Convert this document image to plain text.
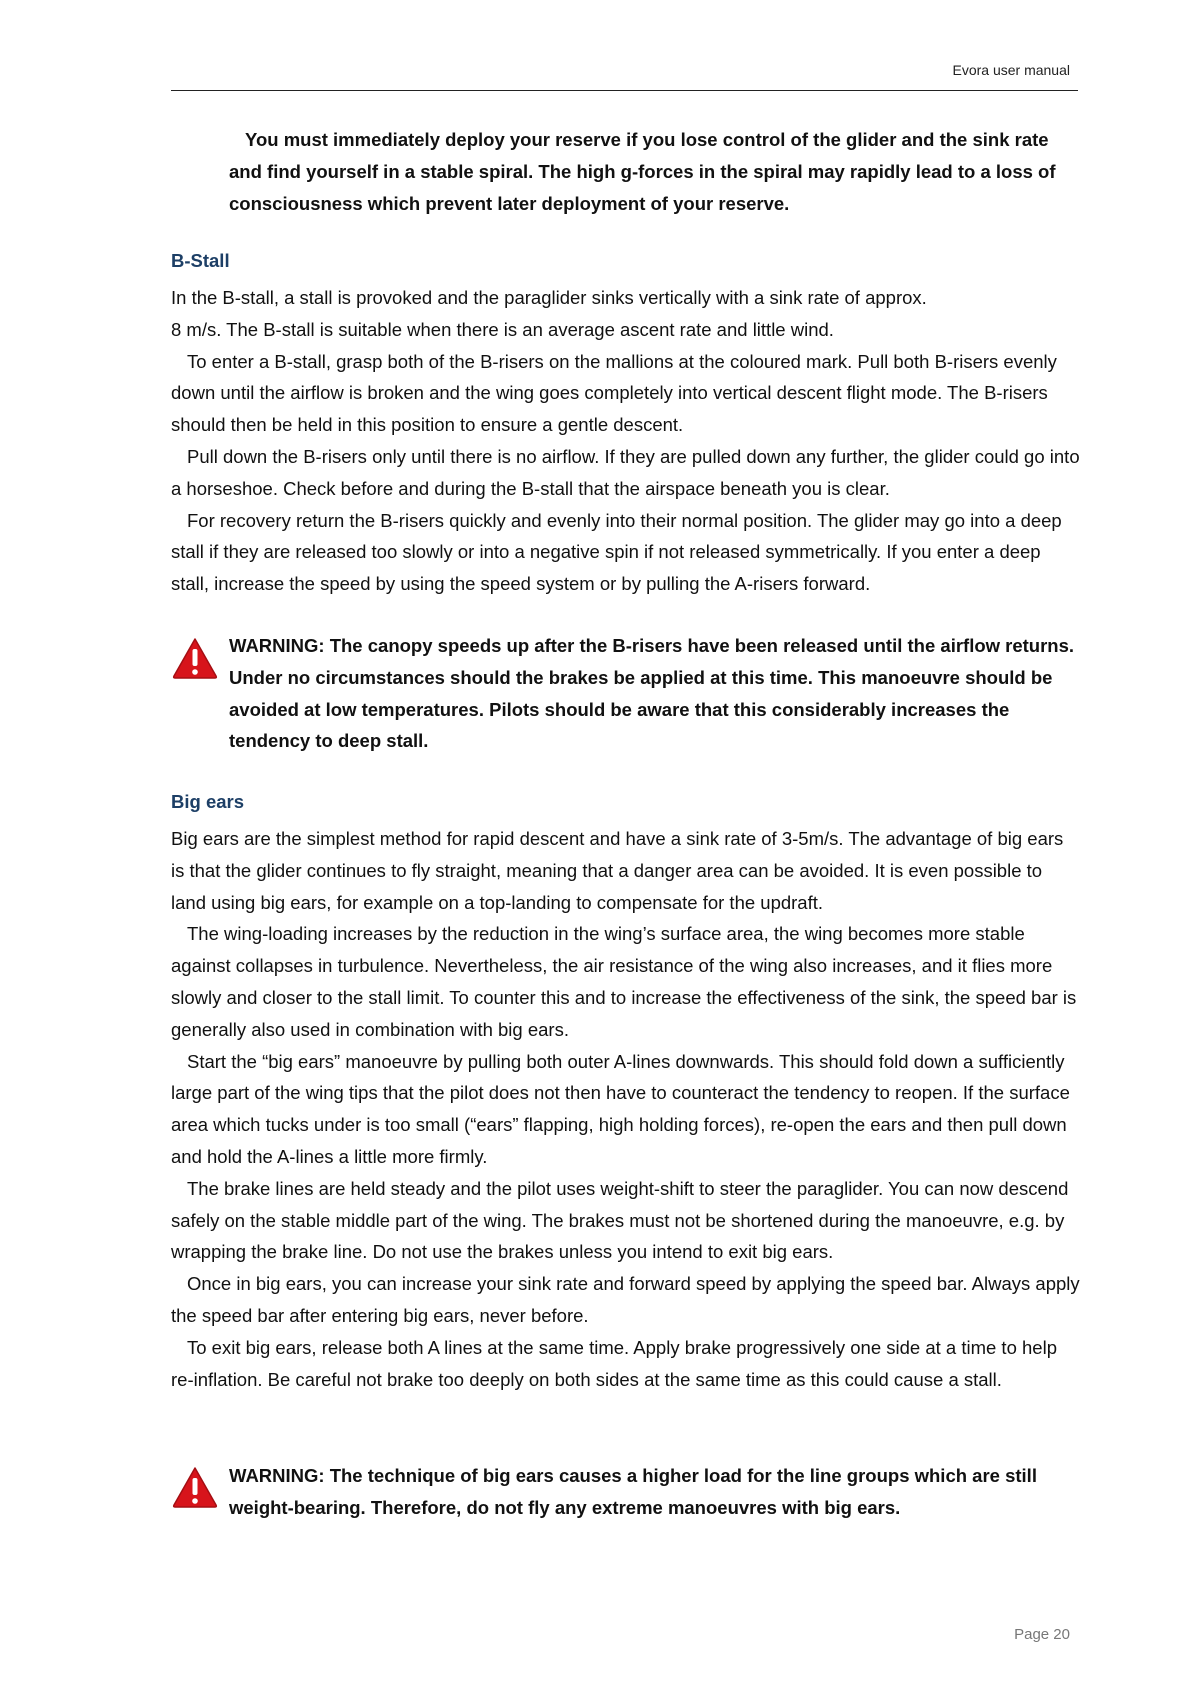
Evora user manual

You must immediately deploy your reserve if you lose control of the glider and the sink rate and find yourself in a stable spiral. The high g-forces in the spiral may rapidly lead to a loss of consciousness which prevent later deployment of your reserve.

B-Stall

In the B-stall, a stall is provoked and the paraglider sinks vertically with a sink rate of approx.

8 m/s. The B-stall is suitable when there is an average ascent rate and little wind.

To enter a B-stall, grasp both of the B-risers on the mallions at the coloured mark. Pull both B-risers evenly down until the airflow is broken and the wing goes completely into vertical descent flight mode. The B-risers should then be held in this position to ensure a gentle descent.

Pull down the B-risers only until there is no airflow. If they are pulled down any further, the glider could go into a horseshoe. Check before and during the B-stall that the airspace beneath you is clear.

For recovery return the B-risers quickly and evenly into their normal position. The glider may go into a deep stall if they are released too slowly or into a negative spin if not released symmetrically. If you enter a deep stall, increase the speed by using the speed system or by pulling the A-risers forward.

WARNING: The canopy speeds up after the B-risers have been released until the airflow returns. Under no circumstances should the brakes be applied at this time. This manoeuvre should be avoided at low temperatures. Pilots should be aware that this considerably increases the tendency to deep stall.

Big ears

Big ears are the simplest method for rapid descent and have a sink rate of 3-5m/s. The advantage of big ears is that the glider continues to fly straight, meaning that a danger area can be avoided. It is even possible to land using big ears, for example on a top-landing to compensate for the updraft.

The wing-loading increases by the reduction in the wing’s surface area, the wing becomes more stable against collapses in turbulence. Nevertheless, the air resistance of the wing also increases, and it flies more slowly and closer to the stall limit. To counter this and to increase the effectiveness of the sink, the speed bar is generally also used in combination with big ears.

Start the “big ears” manoeuvre by pulling both outer A-lines downwards. This should fold down a sufficiently large part of the wing tips that the pilot does not then have to counteract the tendency to reopen. If the surface area which tucks under is too small (“ears” flapping, high holding forces), re-open the ears and then pull down and hold the A-lines a little more firmly.

The brake lines are held steady and the pilot uses weight-shift to steer the paraglider. You can now descend safely on the stable middle part of the wing. The brakes must not be shortened during the manoeuvre, e.g. by wrapping the brake line. Do not use the brakes unless you intend to exit big ears.

Once in big ears, you can increase your sink rate and forward speed by applying the speed bar. Always apply the speed bar after entering big ears, never before.

To exit big ears, release both A lines at the same time. Apply brake progressively one side at a time to help re-inflation. Be careful not brake too deeply on both sides at the same time as this could cause a stall.

WARNING: The technique of big ears causes a higher load for the line groups which are still weight-bearing. Therefore, do not fly any extreme manoeuvres with big ears.

Page 20
